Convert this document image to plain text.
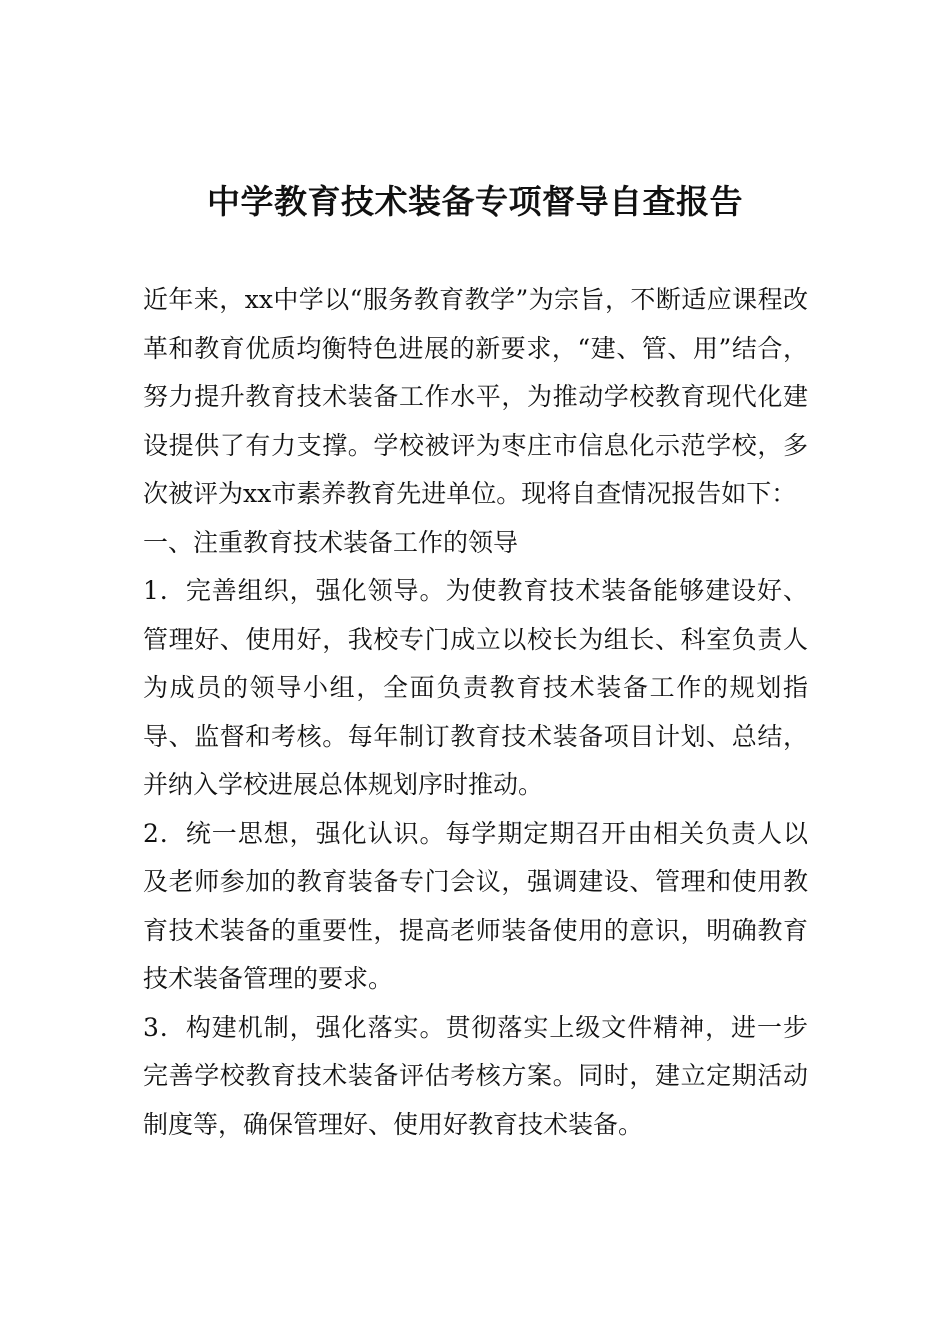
中学教育技术装备专项督导自查报告

近年来，xx中学以“服务教育教学”为宗旨，不断适应课程改革和教育优质均衡特色进展的新要求，“建、管、用”结合，努力提升教育技术装备工作水平，为推动学校教育现代化建设提供了有力支撑。学校被评为枣庄市信息化示范学校，多次被评为xx市素养教育先进单位。现将自查情况报告如下：

一、注重教育技术装备工作的领导

1．完善组织，强化领导。为使教育技术装备能够建设好、管理好、使用好，我校专门成立以校长为组长、科室负责人为成员的领导小组，全面负责教育技术装备工作的规划指导、监督和考核。每年制订教育技术装备项目计划、总结，并纳入学校进展总体规划序时推动。

2．统一思想，强化认识。每学期定期召开由相关负责人以及老师参加的教育装备专门会议，强调建设、管理和使用教育技术装备的重要性，提高老师装备使用的意识，明确教育技术装备管理的要求。

3．构建机制，强化落实。贯彻落实上级文件精神，进一步完善学校教育技术装备评估考核方案。同时，建立定期活动制度等，确保管理好、使用好教育技术装备。
